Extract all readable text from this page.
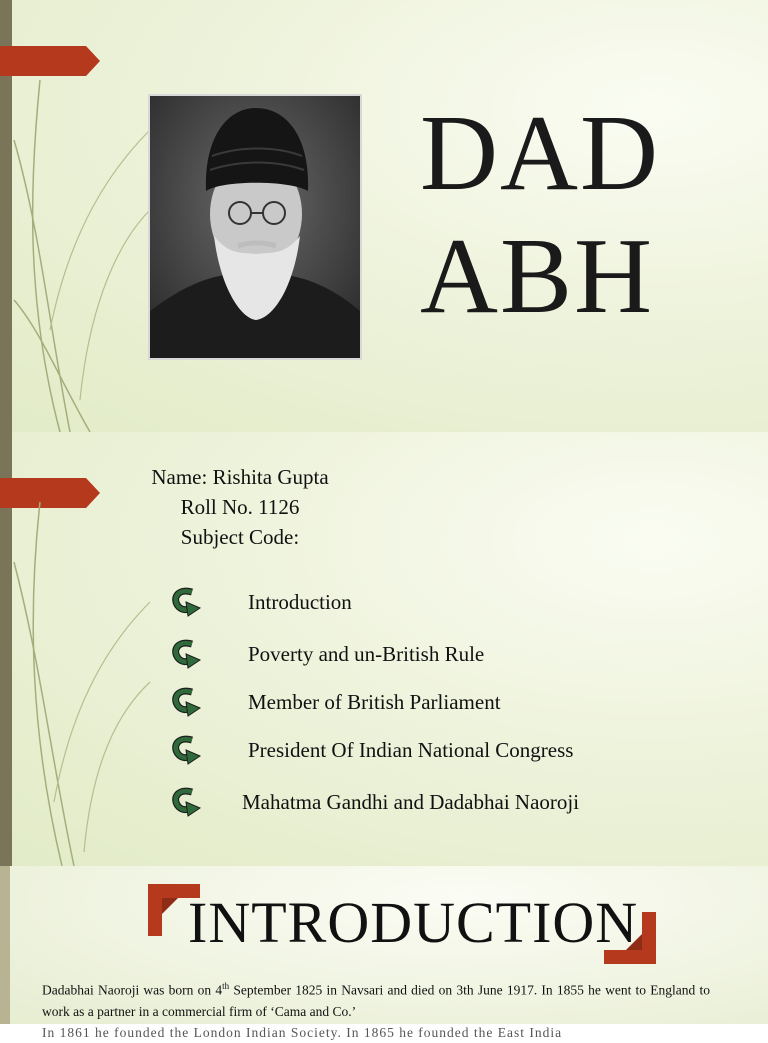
DAD
ABH
Name: Rishita Gupta
Roll No. 1126
Subject Code:
Introduction
Poverty and un-British Rule
Member of British Parliament
President Of Indian National Congress
Mahatma Gandhi and Dadabhai Naoroji
INTRODUCTION
Dadabhai Naoroji was born on 4th September 1825 in Navsari and died on 3th June 1917. In 1855 he went to England to work as a partner in a commercial firm of ‘Cama and Co.’
In 1861 he founded the London Indian Society. In 1865 he founded the East India
